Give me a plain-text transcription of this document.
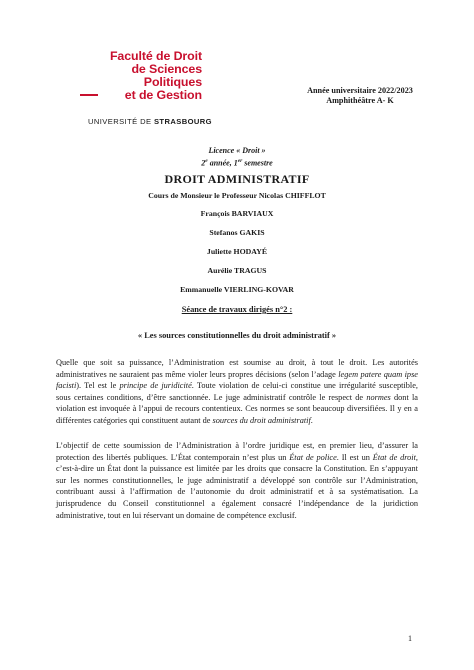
Faculté de Droit
de Sciences Politiques
et de Gestion
UNIVERSITÉ DE STRASBOURG
Année universitaire 2022/2023
Amphithéâtre A- K
Licence « Droit »
2e année, 1er semestre
DROIT ADMINISTRATIF
Cours de Monsieur le Professeur Nicolas CHIFFLOT
François BARVIAUX
Stefanos GAKIS
Juliette HODAYÉ
Aurélie TRAGUS
Emmanuelle VIERLING-KOVAR
Séance de travaux dirigés n°2 :
« Les sources constitutionnelles du droit administratif »
Quelle que soit sa puissance, l’Administration est soumise au droit, à tout le droit. Les autorités administratives ne sauraient pas même violer leurs propres décisions (selon l’adage legem patere quam ipse facisti). Tel est le principe de juridicité. Toute violation de celui-ci constitue une irrégularité susceptible, sous certaines conditions, d’être sanctionnée. Le juge administratif contrôle le respect de normes dont la violation est invoquée à l’appui de recours contentieux. Ces normes se sont beaucoup diversifiées. Il y en a différentes catégories qui constituent autant de sources du droit administratif.
L’objectif de cette soumission de l’Administration à l’ordre juridique est, en premier lieu, d’assurer la protection des libertés publiques. L’État contemporain n’est plus un État de police. Il est un État de droit, c’est-à-dire un État dont la puissance est limitée par les droits que consacre la Constitution. En s’appuyant sur les normes constitutionnelles, le juge administratif a développé son contrôle sur l’Administration, contribuant aussi à l’affirmation de l’autonomie du droit administratif et à sa systématisation. La jurisprudence du Conseil constitutionnel a également consacré l’indépendance de la juridiction administrative, tout en lui réservant un domaine de compétence exclusif.
1
